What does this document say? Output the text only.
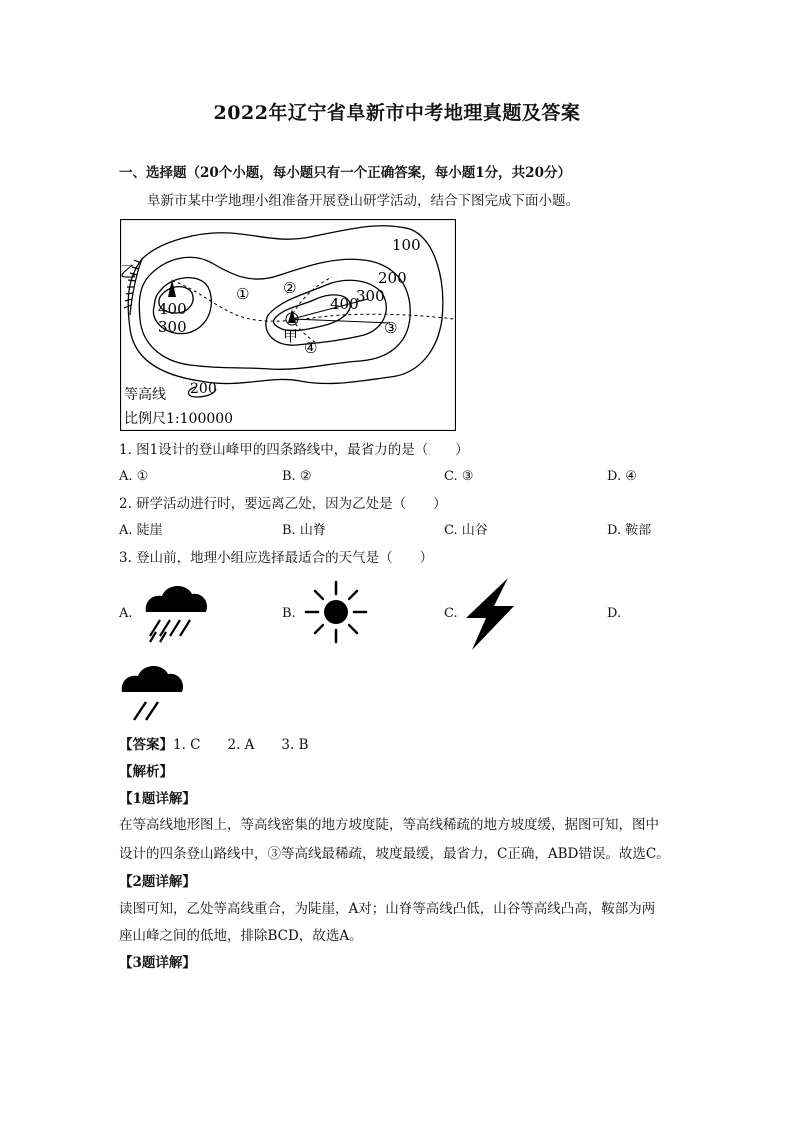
2022年辽宁省阜新市中考地理真题及答案
一、选择题（20个小题，每小题只有一个正确答案，每小题1分，共20分）
阜新市某中学地理小组准备开展登山研学活动，结合下图完成下面小题。
乙
甲
① ②
③
④
100
200
400
300
400
300
等高线 200
比例尺1:100000
1. 图1设计的登山峰甲的四条路线中，最省力的是（　　）
A. ①	B. ②	C. ③	D. ④
2. 研学活动进行时，要远离乙处，因为乙处是（　　）
A. 陡崖	B. 山脊	C. 山谷	D. 鞍部
3. 登山前，地理小组应选择最适合的天气是（　　）
A.	B.	C.	D.
【答案】1. C　　2. A　　3. B
【解析】
【1题详解】
在等高线地形图上，等高线密集的地方坡度陡，等高线稀疏的地方坡度缓，据图可知，图中
设计的四条登山路线中，③等高线最稀疏，坡度最缓，最省力，C正确，ABD错误。故选C。
【2题详解】
读图可知，乙处等高线重合，为陡崖，A对；山脊等高线凸低，山谷等高线凸高，鞍部为两
座山峰之间的低地，排除BCD，故选A。
【3题详解】
